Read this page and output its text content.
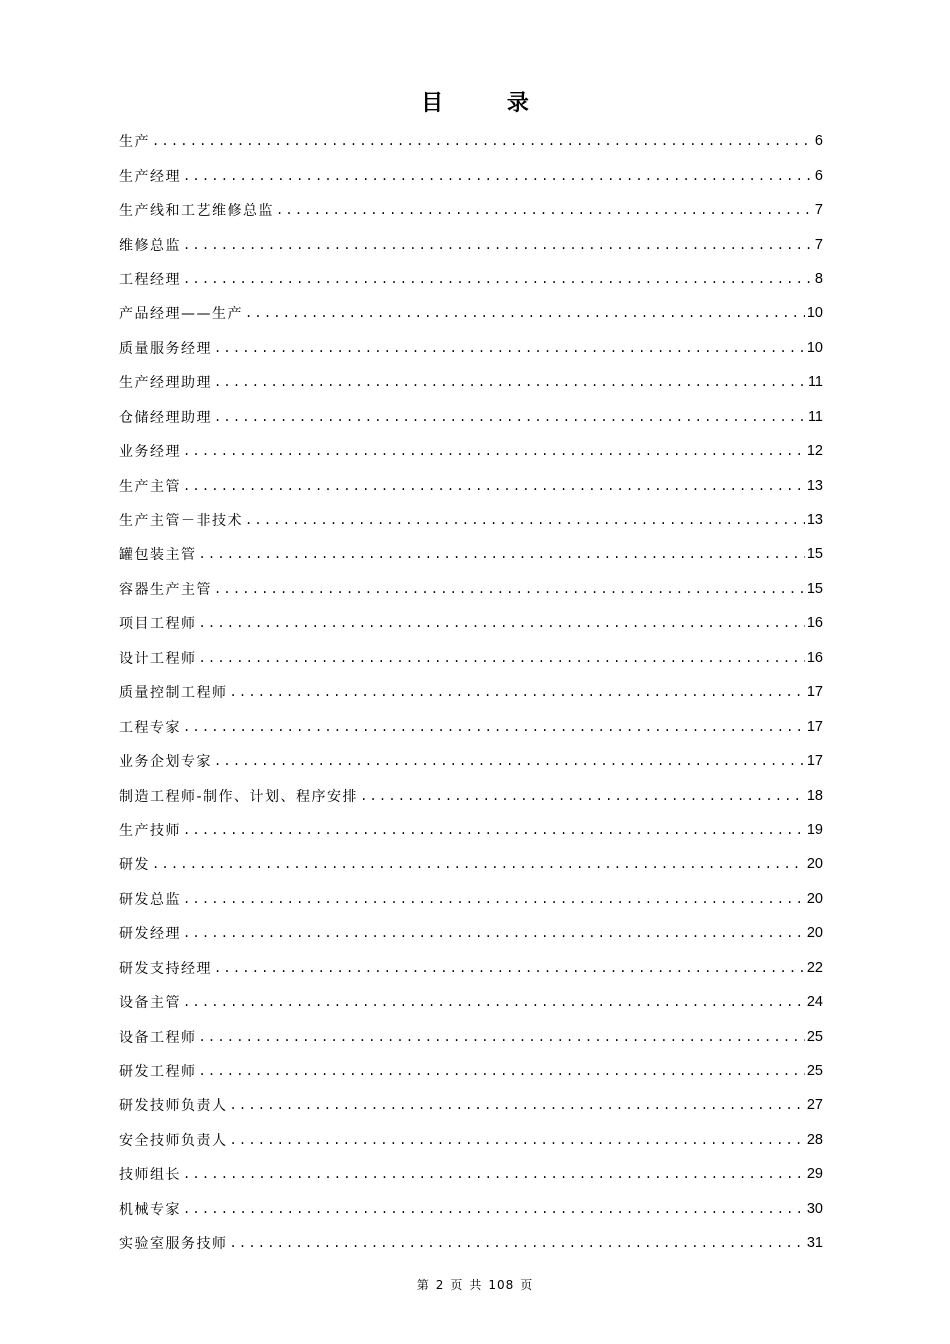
目 录
生产 .....	6
生产经理 .....	6
生产线和工艺维修总监 .....	7
维修总监 .....	7
工程经理 .....	8
产品经理——生产 .....	10
质量服务经理 .....	10
生产经理助理 .....	11
仓储经理助理 .....	11
业务经理 .....	12
生产主管 .....	13
生产主管－非技术 .....	13
罐包装主管 .....	15
容器生产主管 .....	15
项目工程师 .....	16
设计工程师 .....	16
质量控制工程师 .....	17
工程专家 .....	17
业务企划专家 .....	17
制造工程师-制作、计划、程序安排 .....	18
生产技师 .....	19
研发 .....	20
研发总监 .....	20
研发经理 .....	20
研发支持经理 .....	22
设备主管 .....	24
设备工程师 .....	25
研发工程师 .....	25
研发技师负责人 .....	27
安全技师负责人 .....	28
技师组长 .....	29
机械专家 .....	30
实验室服务技师 .....	31
第 2 页 共 108 页
